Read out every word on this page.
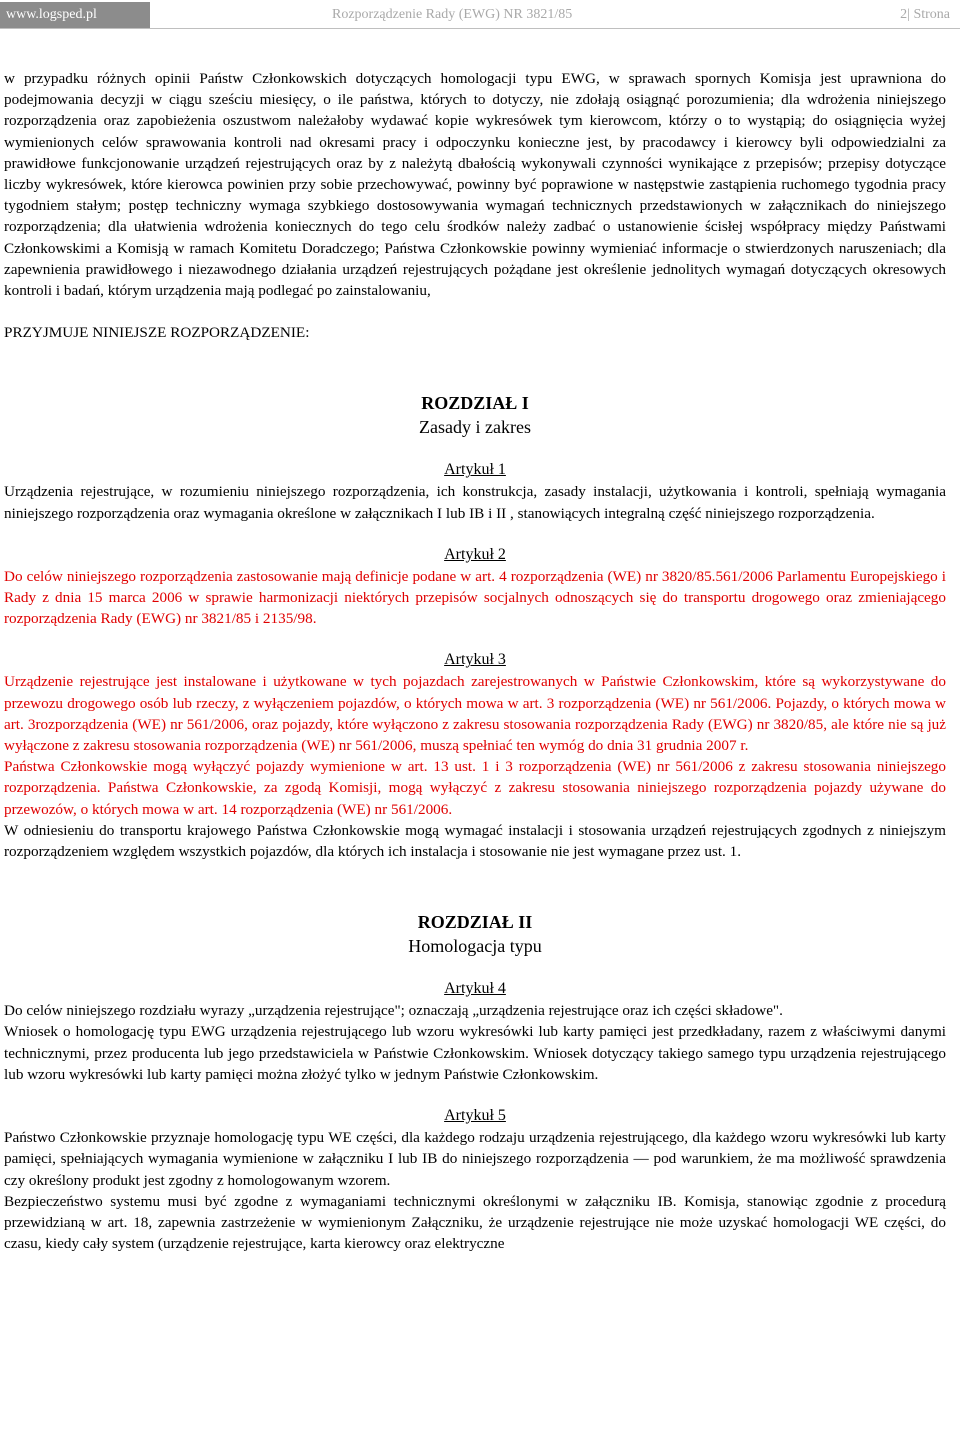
www.logsped.pl	Rozporządzenie Rady (EWG) NR 3821/85	2| Strona

w przypadku różnych opinii Państw Członkowskich dotyczących homologacji typu EWG, w sprawach spornych Komisja jest uprawniona do podejmowania decyzji w ciągu sześciu miesięcy, o ile państwa, których to dotyczy, nie zdołają osiągnąć porozumienia; dla wdrożenia niniejszego rozporządzenia oraz zapobieżenia oszustwom należałoby wydawać kopie wykresówek tym kierowcom, którzy o to wystąpią; do osiągnięcia wyżej wymienionych celów sprawowania kontroli nad okresami pracy i odpoczynku konieczne jest, by pracodawcy i kierowcy byli odpowiedzialni za prawidłowe funkcjonowanie urządzeń rejestrujących oraz by z należytą dbałością wykonywali czynności wynikające z przepisów; przepisy dotyczące liczby wykresówek, które kierowca powinien przy sobie przechowywać, powinny być poprawione w następstwie zastąpienia ruchomego tygodnia pracy tygodniem stałym; postęp techniczny wymaga szybkiego dostosowywania wymagań technicznych przedstawionych w załącznikach do niniejszego rozporządzenia; dla ułatwienia wdrożenia koniecznych do tego celu środków należy zadbać o ustanowienie ścisłej współpracy między Państwami Członkowskimi a Komisją w ramach Komitetu Doradczego; Państwa Członkowskie powinny wymieniać informacje o stwierdzonych naruszeniach; dla zapewnienia prawidłowego i niezawodnego działania urządzeń rejestrujących pożądane jest określenie jednolitych wymagań dotyczących okresowych kontroli i badań, którym urządzenia mają podlegać po zainstalowaniu,

PRZYJMUJE NINIEJSZE ROZPORZĄDZENIE:

ROZDZIAŁ I

Zasady i zakres

Artykuł 1

Urządzenia rejestrujące, w rozumieniu niniejszego rozporządzenia, ich konstrukcja, zasady instalacji, użytkowania i kontroli, spełniają wymagania niniejszego rozporządzenia oraz wymagania określone w załącznikach I lub IB i II , stanowiących integralną część niniejszego rozporządzenia.

Artykuł 2

Do celów niniejszego rozporządzenia zastosowanie mają definicje podane w art. 4 rozporządzenia (WE) nr 3820/85.561/2006 Parlamentu Europejskiego i Rady z dnia 15 marca 2006 w sprawie harmonizacji niektórych przepisów socjalnych odnoszących się do transportu drogowego oraz zmieniającego rozporządzenia Rady (EWG) nr 3821/85 i 2135/98.

Artykuł 3

Urządzenie rejestrujące jest instalowane i użytkowane w tych pojazdach zarejestrowanych w Państwie Członkowskim, które są wykorzystywane do przewozu drogowego osób lub rzeczy, z wyłączeniem pojazdów, o których mowa w art. 3 rozporządzenia (WE) nr 561/2006. Pojazdy, o których mowa w art. 3rozporządzenia (WE) nr 561/2006, oraz pojazdy, które wyłączono z zakresu stosowania rozporządzenia Rady (EWG) nr 3820/85, ale które nie są już wyłączone z zakresu stosowania rozporządzenia (WE) nr 561/2006, muszą spełniać ten wymóg do dnia 31 grudnia 2007 r.

Państwa Członkowskie mogą wyłączyć pojazdy wymienione w art. 13 ust. 1 i 3 rozporządzenia (WE) nr 561/2006 z zakresu stosowania niniejszego rozporządzenia. Państwa Członkowskie, za zgodą Komisji, mogą wyłączyć z zakresu stosowania niniejszego rozporządzenia pojazdy używane do przewozów, o których mowa w art. 14 rozporządzenia (WE) nr 561/2006.

W odniesieniu do transportu krajowego Państwa Członkowskie mogą wymagać instalacji i stosowania urządzeń rejestrujących zgodnych z niniejszym rozporządzeniem względem wszystkich pojazdów, dla których ich instalacja i stosowanie nie jest wymagane przez ust. 1.

ROZDZIAŁ II

Homologacja typu

Artykuł 4

Do celów niniejszego rozdziału wyrazy „urządzenia rejestrujące"; oznaczają „urządzenia rejestrujące oraz ich części składowe".

Wniosek o homologację typu EWG urządzenia rejestrującego lub wzoru wykresówki lub karty pamięci jest przedkładany, razem z właściwymi danymi technicznymi, przez producenta lub jego przedstawiciela w Państwie Członkowskim. Wniosek dotyczący takiego samego typu urządzenia rejestrującego lub wzoru wykresówki lub karty pamięci można złożyć tylko w jednym Państwie Członkowskim.

Artykuł 5

Państwo Członkowskie przyznaje homologację typu WE części, dla każdego rodzaju urządzenia rejestrującego, dla każdego wzoru wykresówki lub karty pamięci, spełniających wymagania wymienione w załączniku I lub IB do niniejszego rozporządzenia — pod warunkiem, że ma możliwość sprawdzenia czy określony produkt jest zgodny z homologowanym wzorem.

Bezpieczeństwo systemu musi być zgodne z wymaganiami technicznymi określonymi w załączniku IB. Komisja, stanowiąc zgodnie z procedurą przewidzianą w art. 18, zapewnia zastrzeżenie w wymienionym Załączniku, że urządzenie rejestrujące nie może uzyskać homologacji WE części, do czasu, kiedy cały system (urządzenie rejestrujące, karta kierowcy oraz elektryczne
